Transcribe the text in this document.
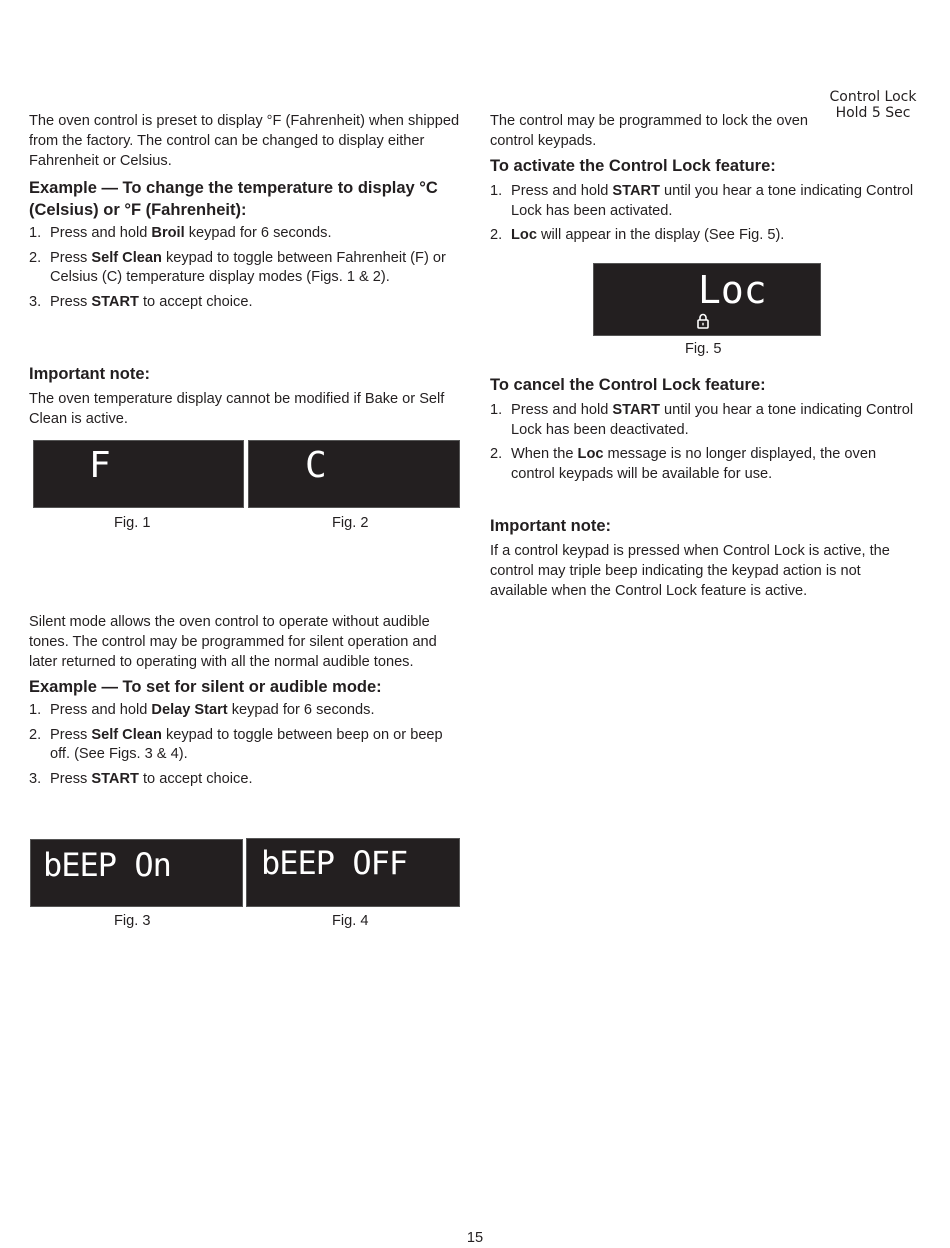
Control Lock
Hold 5 Sec

The oven control is preset to display °F (Fahrenheit) when shipped from the factory. The control can be changed to display either Fahrenheit or Celsius.

Example — To change the temperature to display °C (Celsius) or °F (Fahrenheit):

1. Press and hold Broil keypad for 6 seconds.
2. Press Self Clean keypad to toggle between Fahrenheit (F) or Celsius (C) temperature display modes (Figs. 1 & 2).
3. Press START to accept choice.

Important note:

The oven temperature display cannot be modified if Bake or Self Clean is active.

F	C
Fig. 1	Fig. 2

Silent mode allows the oven control to operate without audible tones. The control may be programmed for silent operation and later returned to operating with all the normal audible tones.

Example — To set for silent or audible mode:

1. Press and hold Delay Start keypad for 6 seconds.
2. Press Self Clean keypad to toggle between beep on or beep off. (See Figs. 3 & 4).
3. Press START to accept choice.
bEEP On	bEEP OFF
Fig. 3	Fig. 4

The control may be programmed to lock the oven control keypads.

To activate the Control Lock feature:

1. Press and hold START until you hear a tone indicating Control Lock has been activated.
2. Loc will appear in the display (See Fig. 5).
Loc
Fig. 5

To cancel the Control Lock feature:

1. Press and hold START until you hear a tone indicating Control Lock has been deactivated.
2. When the Loc message is no longer displayed, the oven control keypads will be available for use.

Important note:

If a control keypad is pressed when Control Lock is active, the control may triple beep indicating the keypad action is not available when the Control Lock feature is active.

15
